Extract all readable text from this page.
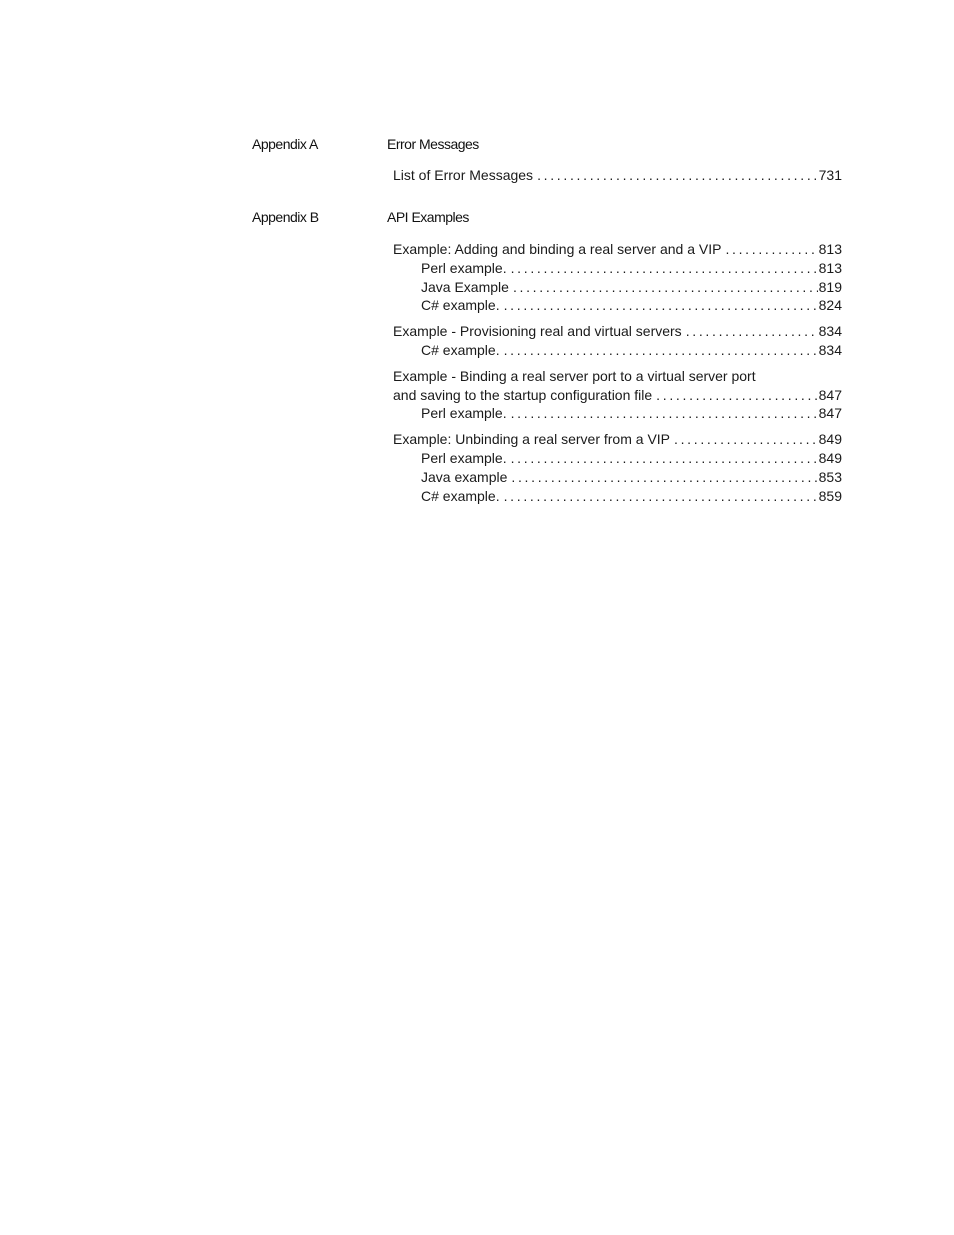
Appendix A	Error Messages
List of Error Messages . . .	731
Appendix B	API Examples
Example: Adding and binding a real server and a VIP . . .	813
Perl example. . . .	813
Java Example . . .	819
C# example. . . .	824
Example - Provisioning real and virtual servers . . .	834
C# example. . . .	834
Example - Binding a real server port to a virtual server port
and saving to the startup configuration file . . .	847
Perl example. . . .	847
Example: Unbinding a real server from a VIP . . .	849
Perl example. . . .	849
Java example . . .	853
C# example. . . .	859
